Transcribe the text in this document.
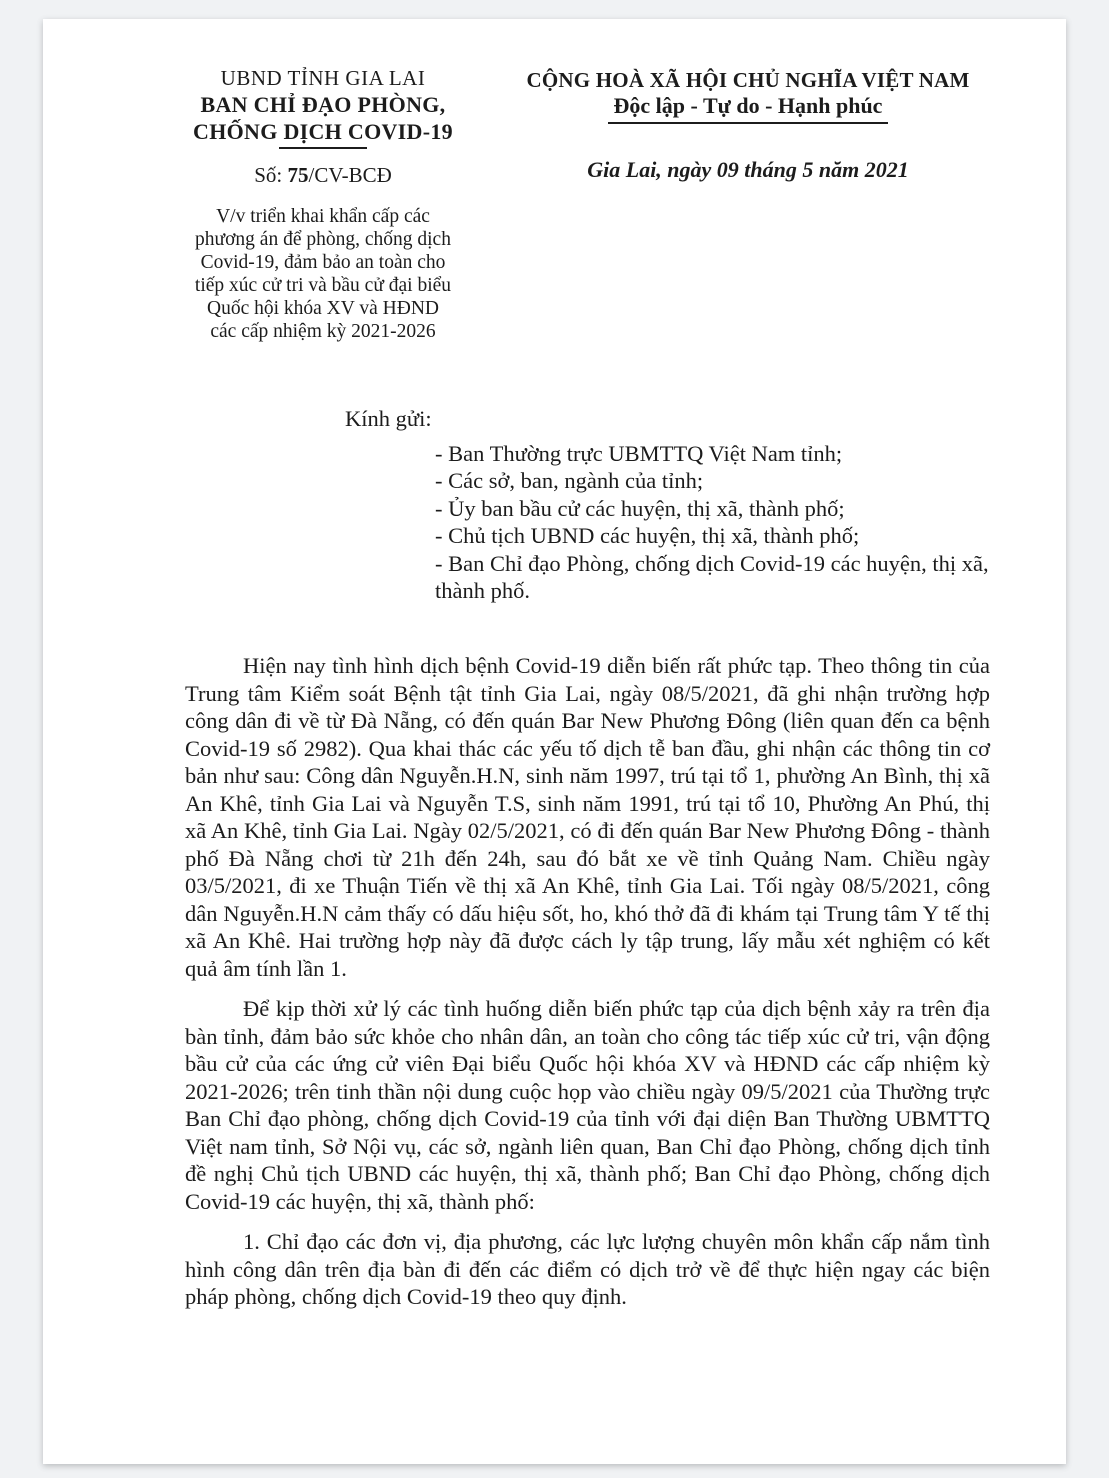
UBND TỈNH GIA LAI
BAN CHỈ ĐẠO PHÒNG,
CHỐNG DỊCH COVID-19
Số: 75/CV-BCĐ
V/v triển khai khẩn cấp các
phương án để phòng, chống dịch
Covid-19, đảm bảo an toàn cho
tiếp xúc cử tri và bầu cử đại biểu
Quốc hội khóa XV và HĐND
các cấp nhiệm kỳ 2021-2026
CỘNG HOÀ XÃ HỘI CHỦ NGHĨA VIỆT NAM
Độc lập - Tự do - Hạnh phúc
Gia Lai, ngày 09 tháng 5 năm 2021
Kính gửi:
- Ban Thường trực UBMTTQ Việt Nam tỉnh;
- Các sở, ban, ngành của tỉnh;
- Ủy ban bầu cử các huyện, thị xã, thành phố;
- Chủ tịch UBND các huyện, thị xã, thành phố;
- Ban Chỉ đạo Phòng, chống dịch Covid-19 các huyện, thị xã, thành phố.

Hiện nay tình hình dịch bệnh Covid-19 diễn biến rất phức tạp. Theo thông tin của Trung tâm Kiểm soát Bệnh tật tỉnh Gia Lai, ngày 08/5/2021, đã ghi nhận trường hợp công dân đi về từ Đà Nẵng, có đến quán Bar New Phương Đông (liên quan đến ca bệnh Covid-19 số 2982). Qua khai thác các yếu tố dịch tễ ban đầu, ghi nhận các thông tin cơ bản như sau: Công dân Nguyễn.H.N, sinh năm 1997, trú tại tổ 1, phường An Bình, thị xã An Khê, tỉnh Gia Lai và Nguyễn T.S, sinh năm 1991, trú tại tổ 10, Phường An Phú, thị xã An Khê, tỉnh Gia Lai. Ngày 02/5/2021, có đi đến quán Bar New Phương Đông - thành phố Đà Nẵng chơi từ 21h đến 24h, sau đó bắt xe về tỉnh Quảng Nam. Chiều ngày 03/5/2021, đi xe Thuận Tiến về thị xã An Khê, tỉnh Gia Lai. Tối ngày 08/5/2021, công dân Nguyễn.H.N cảm thấy có dấu hiệu sốt, ho, khó thở đã đi khám tại Trung tâm Y tế thị xã An Khê. Hai trường hợp này đã được cách ly tập trung, lấy mẫu xét nghiệm có kết quả âm tính lần 1.

Để kịp thời xử lý các tình huống diễn biến phức tạp của dịch bệnh xảy ra trên địa bàn tỉnh, đảm bảo sức khỏe cho nhân dân, an toàn cho công tác tiếp xúc cử tri, vận động bầu cử của các ứng cử viên Đại biểu Quốc hội khóa XV và HĐND các cấp nhiệm kỳ 2021-2026; trên tinh thần nội dung cuộc họp vào chiều ngày 09/5/2021 của Thường trực Ban Chỉ đạo phòng, chống dịch Covid-19 của tỉnh với đại diện Ban Thường UBMTTQ Việt nam tỉnh, Sở Nội vụ, các sở, ngành liên quan, Ban Chỉ đạo Phòng, chống dịch tỉnh đề nghị Chủ tịch UBND các huyện, thị xã, thành phố; Ban Chỉ đạo Phòng, chống dịch Covid-19 các huyện, thị xã, thành phố:

1. Chỉ đạo các đơn vị, địa phương, các lực lượng chuyên môn khẩn cấp nắm tình hình công dân trên địa bàn đi đến các điểm có dịch trở về để thực hiện ngay các biện pháp phòng, chống dịch Covid-19 theo quy định.
